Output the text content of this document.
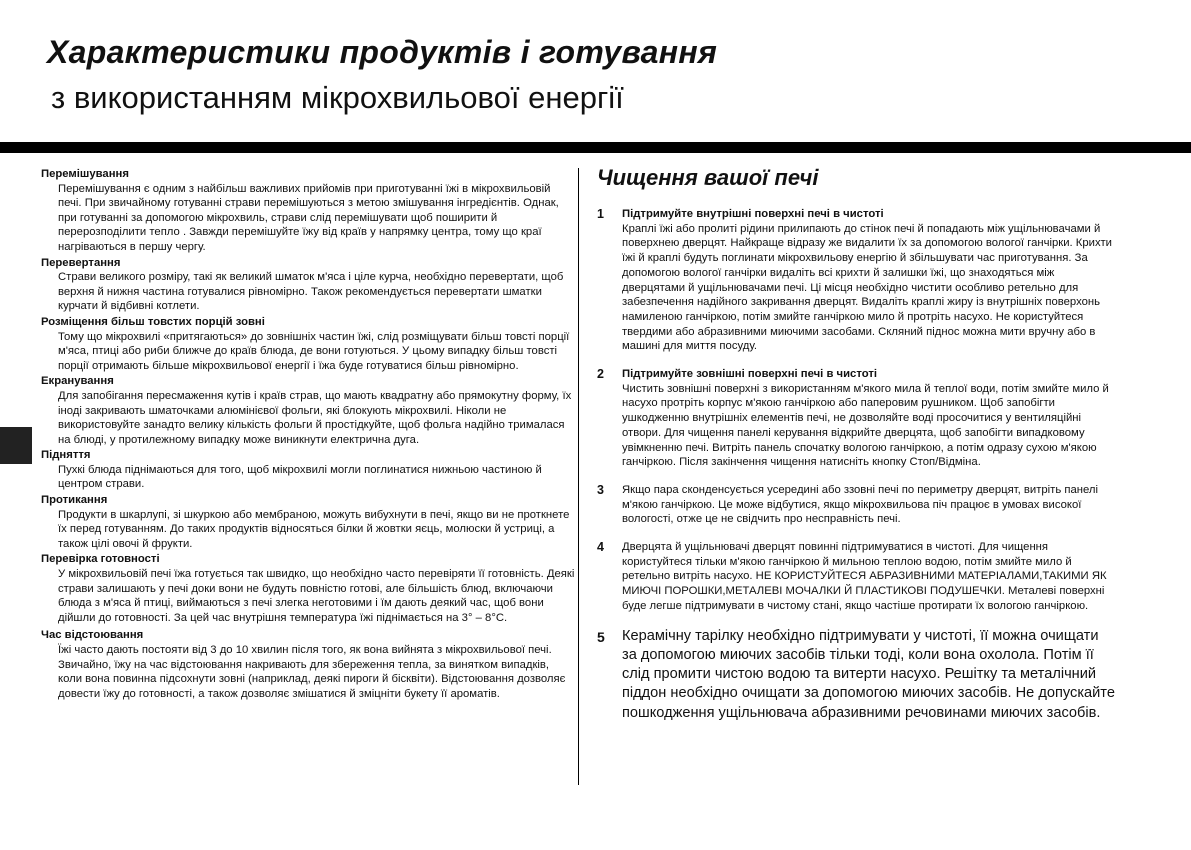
Характеристики продуктів і готування
з використанням мікрохвильової енергії

Перемішування

Перемішування є одним з найбільш важливих прийомів при приготуванні їжі в мікрохвильовій печі. При звичайному готуванні страви перемішуються з метою змішування інгредієнтів. Однак, при готуванні за допомогою мікрохвиль, страви слід перемішувати щоб поширити й перерозподілити тепло . Завжди перемішуйте їжу від країв у напрямку центра, тому що краї нагріваються в першу чергу.

Перевертання

Страви великого розміру, такі як великий шматок м'яса і ціле курча, необхідно перевертати, щоб верхня й нижня частина готувалися рівномірно. Також рекомендується перевертати шматки курчати й відбивні котлети.

Розміщення більш товстих порцій зовні

Тому що мікрохвилі «притягаються» до зовнішніх частин їжі, слід розміщувати більш товсті порції м'яса, птиці або риби ближче до країв блюда, де вони готуються. У цьому випадку більш товсті порції отримають більше мікрохвильової енергії і їжа буде готуватися більш рівномірно.

Екранування

Для запобігання пересмаження кутів і країв страв, що мають квадратну або прямокутну форму, їх іноді закривають шматочками алюмінієвої фольги, які блокують мікрохвилі. Ніколи не використовуйте занадто велику кількість фольги й простідкуйте, щоб фольга надійно трималася на блюді, у протилежному випадку може виникнути електрична дуга.

Підняття

Пухкі блюда піднімаються для того, щоб мікрохвилі могли поглинатися нижньою частиною й центром страви.

Протикання

Продукти в шкарлупі, зі шкуркою або мембраною, можуть вибухнути в печі, якщо ви не проткнете їх перед готуванням. До таких продуктів відносяться білки й жовтки яєць, молюски й устриці, а також цілі овочі й фрукти.

Перевірка готовності

У мікрохвильовій печі їжа готується так швидко, що необхідно часто перевіряти її готовність. Деякі страви залишають у печі доки вони не будуть повністю готові, але більшість блюд, включаючи блюда з м'яса й птиці, виймаються з печі злегка неготовими і їм дають деякий час, щоб вони дійшли до готовності. За цей час внутрішня температура їжі піднімається на 3° – 8°С.

Час відстоювання

Їжі часто дають постояти від 3 до 10 хвилин після того, як вона вийнята з мікрохвильової печі. Звичайно, їжу на час відстоювання накривають для збереження тепла, за винятком випадків, коли вона повинна підсохнути зовні (наприклад, деякі пироги й бісквіти). Відстоювання дозволяє довести їжу до готовності, а також дозволяє змішатися й зміцніти букету її ароматів.

Чищення вашої печі
1 Підтримуйте внутрішні поверхні печі в чистоті
Краплі їжі або пролиті рідини прилипають до стінок печі й попадають між ущільнювачами й поверхнею дверцят. Найкраще відразу же видалити їх за допомогою вологої ганчірки. Крихти їжі й краплі будуть поглинати мікрохвильову енергію й збільшувати час приготування. За допомогою вологої ганчірки видаліть всі крихти й залишки їжі, що знаходяться між дверцятами й ущільнювачами печі. Ці місця необхідно чистити особливо ретельно для забезпечення надійного закривання дверцят. Видаліть краплі жиру із внутрішніх поверхонь намиленою ганчіркою, потім змийте ганчіркою мило й протріть насухо. Не користуйтеся твердими або абразивними миючими засобами. Скляний піднос можна мити вручну або в машині для миття посуду.
2 Підтримуйте зовнішні поверхні печі в чистоті
Чистить зовнішні поверхні з використанням м'якого мила й теплої води, потім змийте мило й насухо протріть корпус м'якою ганчіркою або паперовим рушником. Щоб запобігти ушкодженню внутрішніх елементів печі, не дозволяйте воді просочитися у вентиляційні отвори. Для чищення панелі керування відкрийте дверцята, щоб запобігти випадковому увімкненню печі. Витріть панель спочатку вологою ганчіркою, а потім одразу сухою м'якою ганчіркою. Після закінчення чищення натисніть кнопку Стоп/Відміна.
3 Якщо пара сконденсується усередині або ззовні печі по периметру дверцят, витріть панелі м'якою ганчіркою. Це може відбутися, якщо мікрохвильова піч працює в умовах високої вологості, отже це не свідчить про несправність печі.
4 Дверцята й ущільнювачі дверцят повинні підтримуватися в чистоті. Для чищення користуйтеся тільки м'якою ганчіркою й мильною теплою водою, потім змийте мило й ретельно витріть насухо. НЕ КОРИСТУЙТЕСЯ АБРАЗИВНИМИ МАТЕРІАЛАМИ,ТАКИМИ ЯК МИЮЧІ ПОРОШКИ,МЕТАЛЕВІ МОЧАЛКИ Й ПЛАСТИКОВІ ПОДУШЕЧКИ. Металеві поверхні буде легше підтримувати в чистому стані, якщо частіше протирати їх вологою ганчіркою.
5 Керамічну тарілку необхідно підтримувати у чистоті, її можна очищати за допомогою миючих засобів тільки тоді, коли вона охолола. Потім її слід промити чистою водою та витерти насухо. Решітку та металічний піддон необхідно очищати за допомогою миючих засобів. Не допускайте пошкодження ущільнювача абразивними речовинами миючих засобів.
